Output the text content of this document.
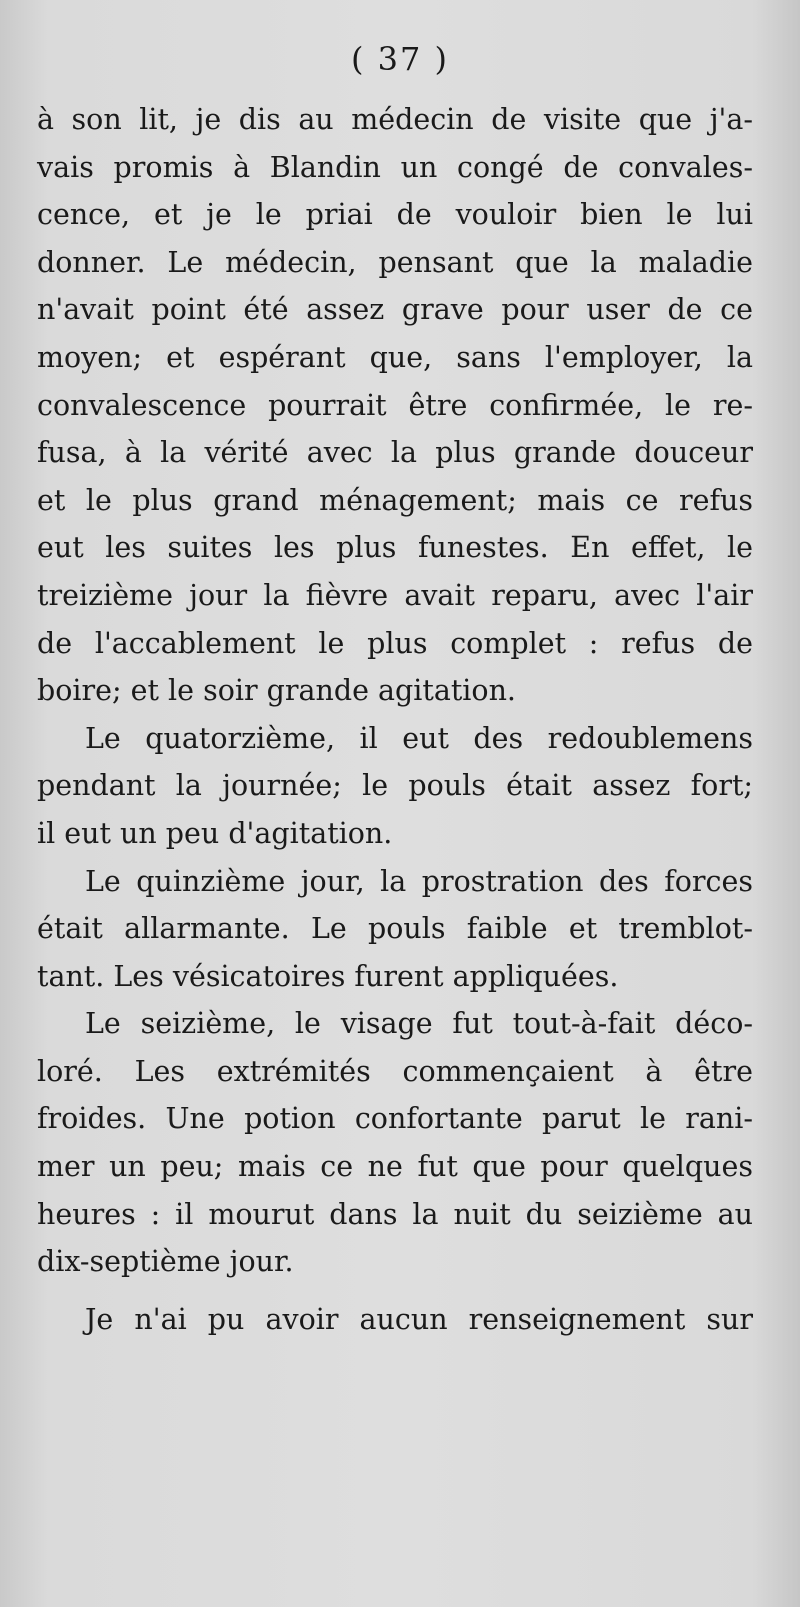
( 37 )
à son lit, je dis au médecin de visite que j'a-
vais promis à Blandin un congé de convales-
cence, et je le priai de vouloir bien le lui
donner. Le médecin, pensant que la maladie
n'avait point été assez grave pour user de ce
moyen; et espérant que, sans l'employer, la
convalescence pourrait être confirmée, le re-
fusa, à la vérité avec la plus grande douceur
et le plus grand ménagement; mais ce refus
eut les suites les plus funestes. En effet, le
treizième jour la fièvre avait reparu, avec l'air
de l'accablement le plus complet : refus de
boire; et le soir grande agitation.
Le quatorzième, il eut des redoublemens
pendant la journée; le pouls était assez fort;
il eut un peu d'agitation.
Le quinzième jour, la prostration des forces
était allarmante. Le pouls faible et tremblot-
tant. Les vésicatoires furent appliquées.
Le seizième, le visage fut tout-à-fait déco-
loré. Les extrémités commençaient à être
froides. Une potion confortante parut le rani-
mer un peu; mais ce ne fut que pour quelques
heures : il mourut dans la nuit du seizième au
dix-septième jour.
Je n'ai pu avoir aucun renseignement sur
